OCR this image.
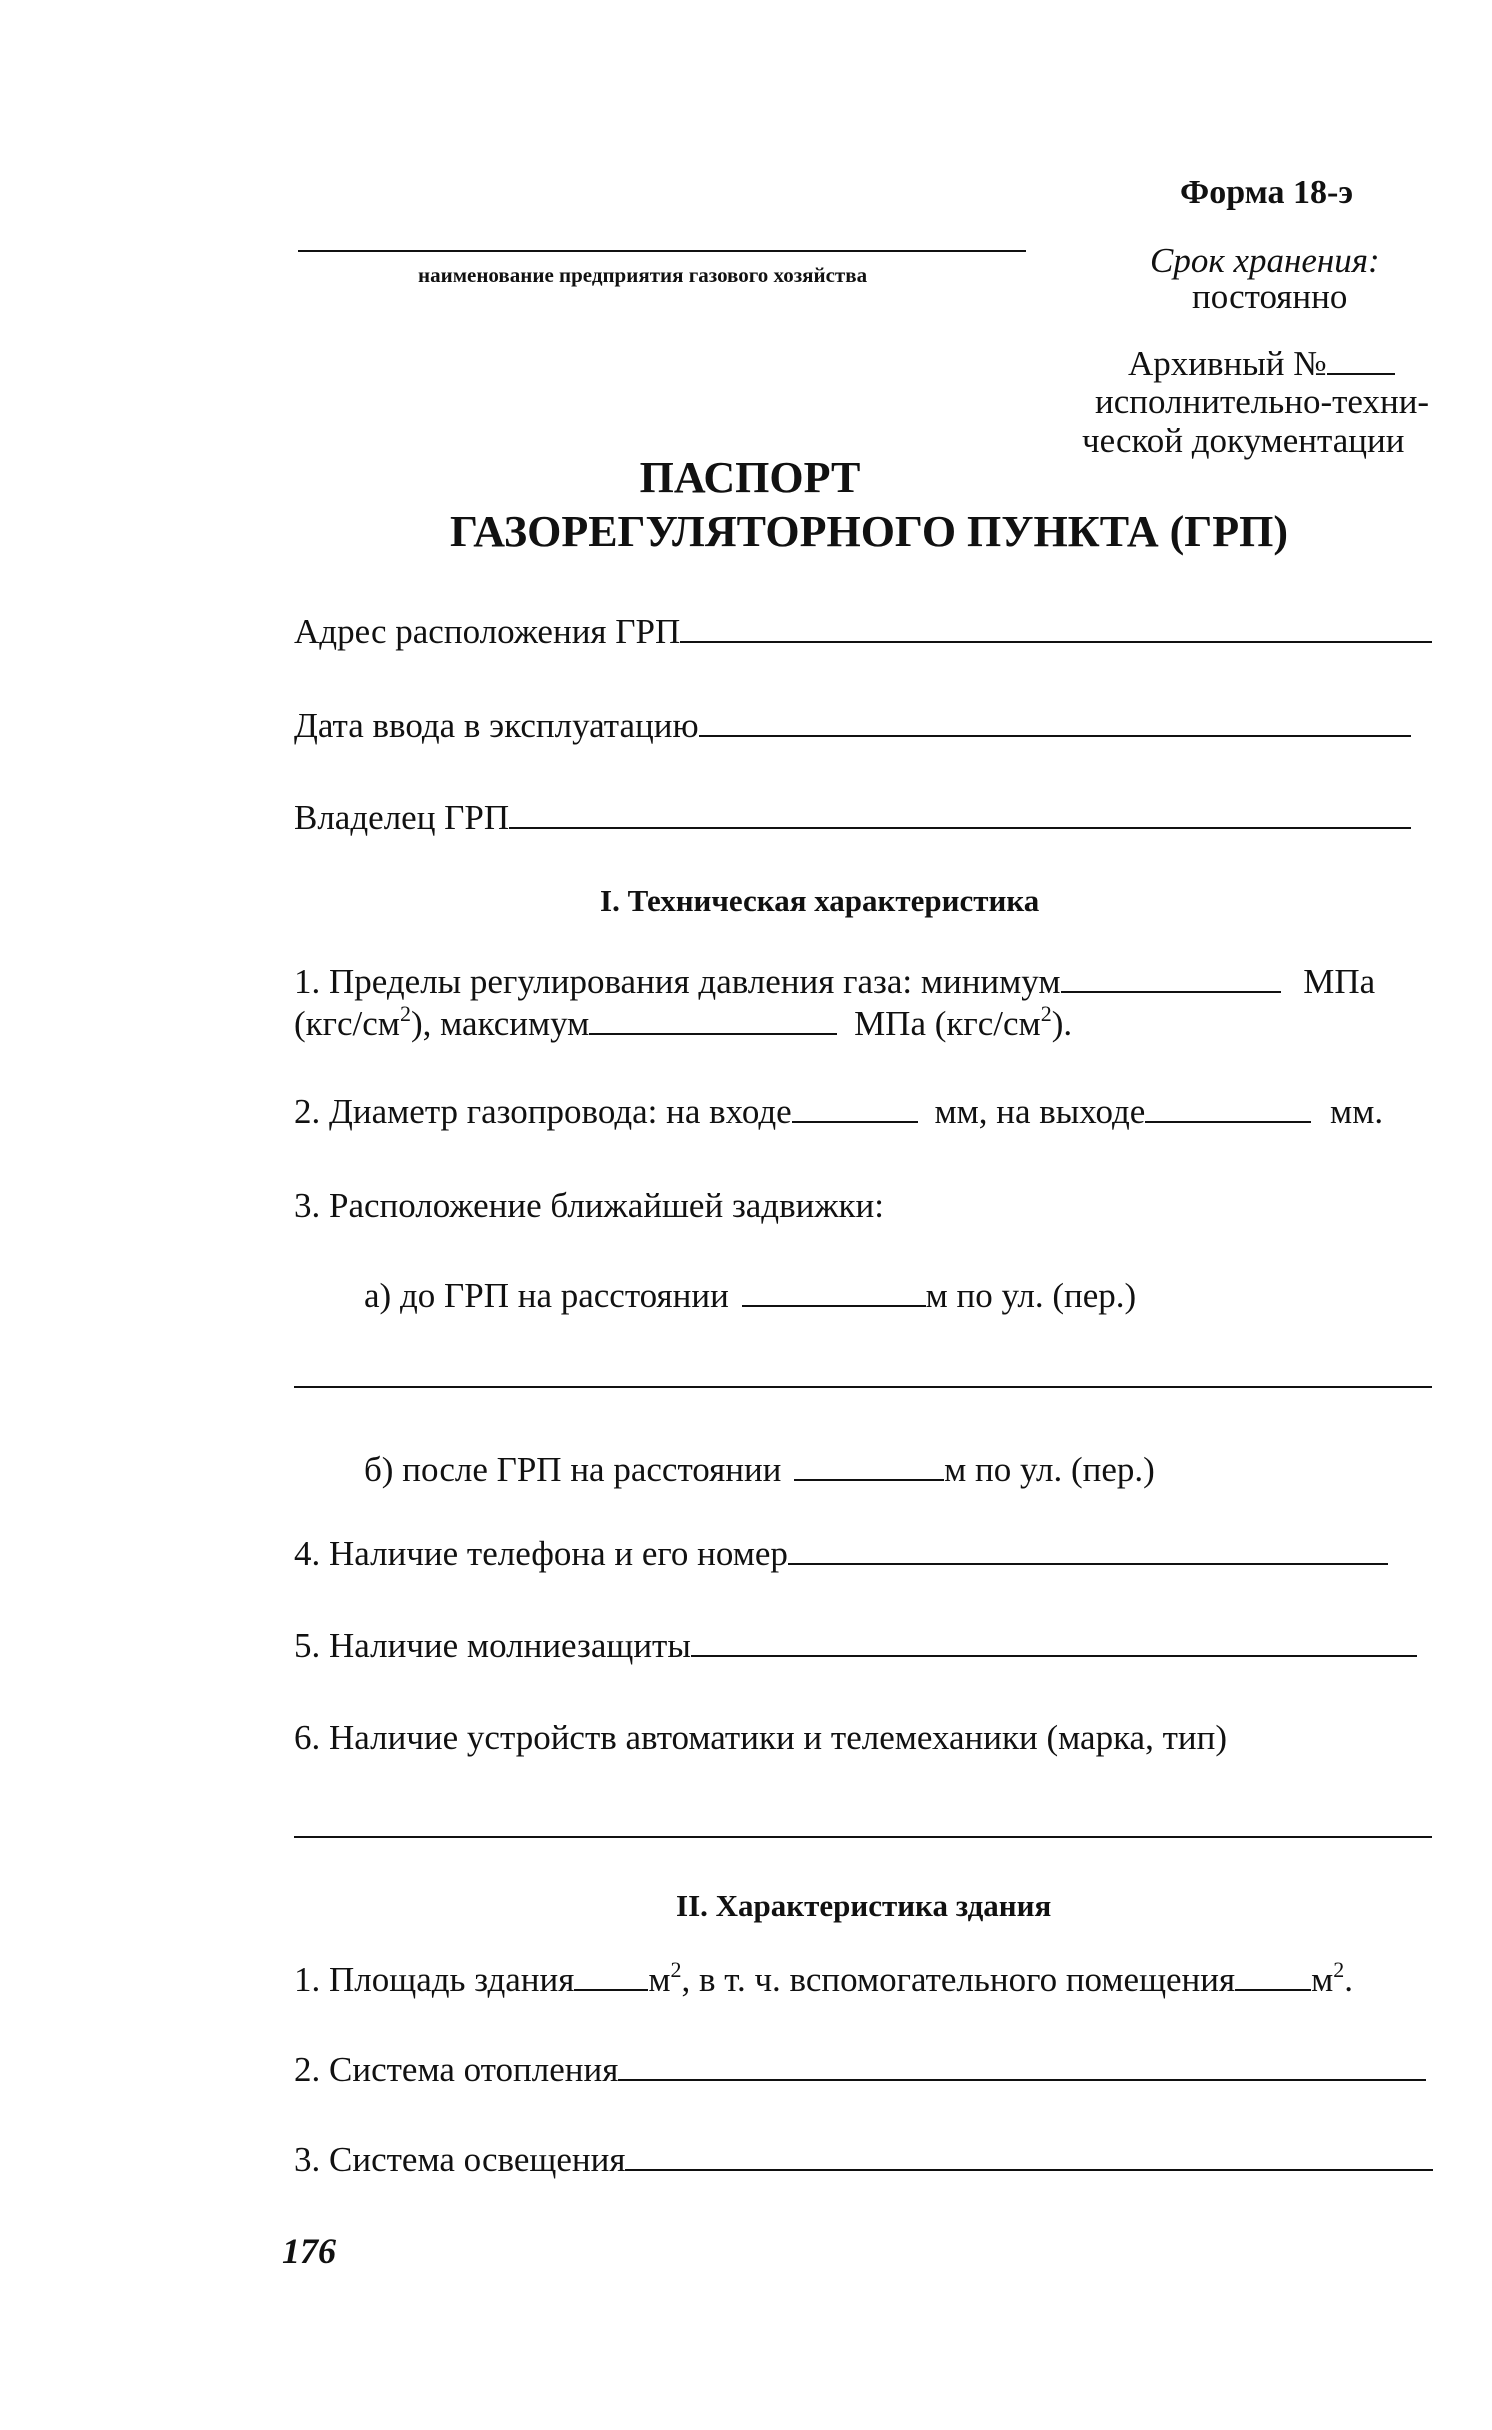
Форма 18-э
наименование предприятия газового хозяйства	Срок хранения:
постоянно
Архивный №
исполнительно-техни-
ческой документации
ПАСПОРТ
ГАЗОРЕГУЛЯТОРНОГО ПУНКТА (ГРП)
Адрес расположения ГРП
Дата ввода в эксплуатацию
Владелец ГРП
I. Техническая характеристика
1. Пределы регулирования давления газа: минимум	МПа
$(кгс/см^2)$, максимум	МПа $(кгс/см^2)$.
2. Диаметр газопровода: на входе	мм, на выходе	мм.
3. Расположение ближайшей задвижки:
а) до ГРП на расстоянии	м по ул. (пер.)
б) после ГРП на расстоянии	м по ул. (пер.)
4. Наличие телефона и его номер
5. Наличие молниезащиты
6. Наличие устройств автоматики и телемеханики (марка, тип)
II. Характеристика здания
1. Площадь здания $м^2$, в т. ч. вспомогательного помещения $м^2$.
2. Система отопления
3. Система освещения
176
